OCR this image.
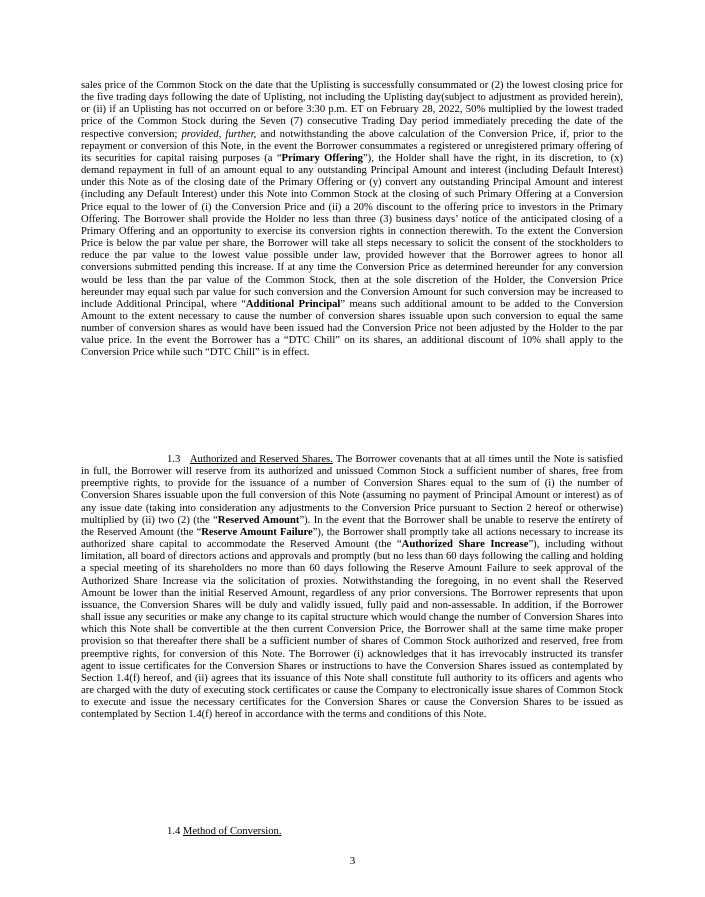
sales price of the Common Stock on the date that the Uplisting is successfully consummated or (2) the lowest closing price for the five trading days following the date of Uplisting, not including the Uplisting day(subject to adjustment as provided herein), or (ii) if an Uplisting has not occurred on or before 3:30 p.m. ET on February 28, 2022, 50% multiplied by the lowest traded price of the Common Stock during the Seven (7) consecutive Trading Day period immediately preceding the date of the respective conversion; provided, further, and notwithstanding the above calculation of the Conversion Price, if, prior to the repayment or conversion of this Note, in the event the Borrower consummates a registered or unregistered primary offering of its securities for capital raising purposes (a “Primary Offering”), the Holder shall have the right, in its discretion, to (x) demand repayment in full of an amount equal to any outstanding Principal Amount and interest (including Default Interest) under this Note as of the closing date of the Primary Offering or (y) convert any outstanding Principal Amount and interest (including any Default Interest) under this Note into Common Stock at the closing of such Primary Offering at a Conversion Price equal to the lower of (i) the Conversion Price and (ii) a 20% discount to the offering price to investors in the Primary Offering. The Borrower shall provide the Holder no less than three (3) business days’ notice of the anticipated closing of a Primary Offering and an opportunity to exercise its conversion rights in connection therewith. To the extent the Conversion Price is below the par value per share, the Borrower will take all steps necessary to solicit the consent of the stockholders to reduce the par value to the lowest value possible under law, provided however that the Borrower agrees to honor all conversions submitted pending this increase. If at any time the Conversion Price as determined hereunder for any conversion would be less than the par value of the Common Stock, then at the sole discretion of the Holder, the Conversion Price hereunder may equal such par value for such conversion and the Conversion Amount for such conversion may be increased to include Additional Principal, where “Additional Principal” means such additional amount to be added to the Conversion Amount to the extent necessary to cause the number of conversion shares issuable upon such conversion to equal the same number of conversion shares as would have been issued had the Conversion Price not been adjusted by the Holder to the par value price. In the event the Borrower has a “DTC Chill” on its shares, an additional discount of 10% shall apply to the Conversion Price while such “DTC Chill” is in effect.

1.3 Authorized and Reserved Shares. The Borrower covenants that at all times until the Note is satisfied in full, the Borrower will reserve from its authorized and unissued Common Stock a sufficient number of shares, free from preemptive rights, to provide for the issuance of a number of Conversion Shares equal to the sum of (i) the number of Conversion Shares issuable upon the full conversion of this Note (assuming no payment of Principal Amount or interest) as of any issue date (taking into consideration any adjustments to the Conversion Price pursuant to Section 2 hereof or otherwise) multiplied by (ii) two (2) (the “Reserved Amount”). In the event that the Borrower shall be unable to reserve the entirety of the Reserved Amount (the “Reserve Amount Failure”), the Borrower shall promptly take all actions necessary to increase its authorized share capital to accommodate the Reserved Amount (the “Authorized Share Increase”), including without limitation, all board of directors actions and approvals and promptly (but no less than 60 days following the calling and holding a special meeting of its shareholders no more than 60 days following the Reserve Amount Failure to seek approval of the Authorized Share Increase via the solicitation of proxies. Notwithstanding the foregoing, in no event shall the Reserved Amount be lower than the initial Reserved Amount, regardless of any prior conversions. The Borrower represents that upon issuance, the Conversion Shares will be duly and validly issued, fully paid and non-assessable. In addition, if the Borrower shall issue any securities or make any change to its capital structure which would change the number of Conversion Shares into which this Note shall be convertible at the then current Conversion Price, the Borrower shall at the same time make proper provision so that thereafter there shall be a sufficient number of shares of Common Stock authorized and reserved, free from preemptive rights, for conversion of this Note. The Borrower (i) acknowledges that it has irrevocably instructed its transfer agent to issue certificates for the Conversion Shares or instructions to have the Conversion Shares issued as contemplated by Section 1.4(f) hereof, and (ii) agrees that its issuance of this Note shall constitute full authority to its officers and agents who are charged with the duty of executing stock certificates or cause the Company to electronically issue shares of Common Stock to execute and issue the necessary certificates for the Conversion Shares or cause the Conversion Shares to be issued as contemplated by Section 1.4(f) hereof in accordance with the terms and conditions of this Note.

1.4 Method of Conversion.
3
